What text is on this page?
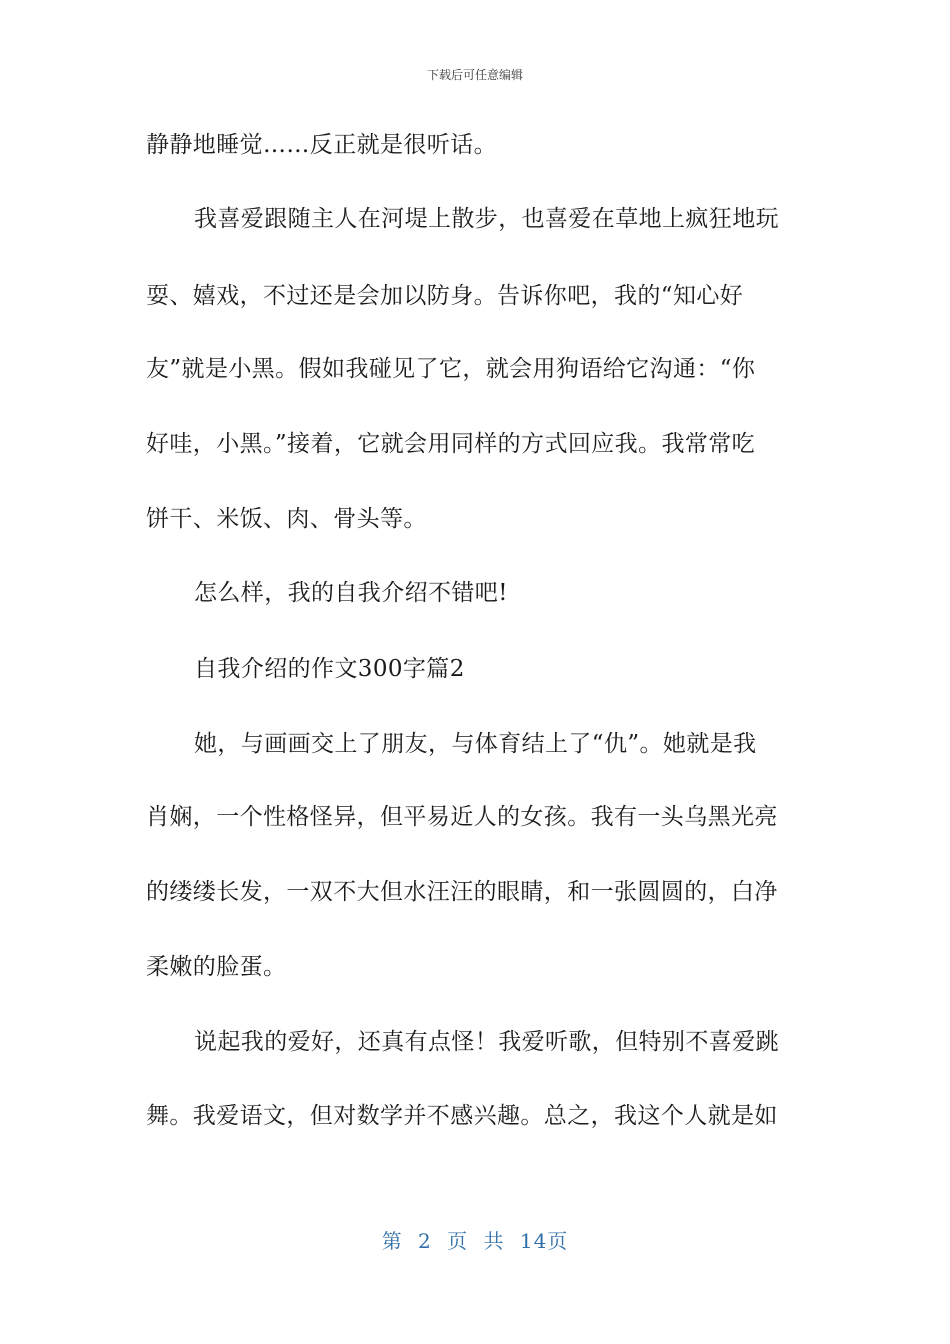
下载后可任意编辑
静静地睡觉……反正就是很听话。
我喜爱跟随主人在河堤上散步，也喜爱在草地上疯狂地玩
耍、嬉戏，不过还是会加以防身。告诉你吧，我的“知心好
友”就是小黑。假如我碰见了它，就会用狗语给它沟通：“你
好哇，小黑。”接着，它就会用同样的方式回应我。我常常吃
饼干、米饭、肉、骨头等。
怎么样，我的自我介绍不错吧!
自我介绍的作文300字篇2
她，与画画交上了朋友，与体育结上了“仇”。她就是我
肖娴，一个性格怪异，但平易近人的女孩。我有一头乌黑光亮
的缕缕长发，一双不大但水汪汪的眼睛，和一张圆圆的，白净
柔嫩的脸蛋。
说起我的爱好，还真有点怪！我爱听歌，但特别不喜爱跳
舞。我爱语文，但对数学并不感兴趣。总之，我这个人就是如
第 2 页 共 14页
